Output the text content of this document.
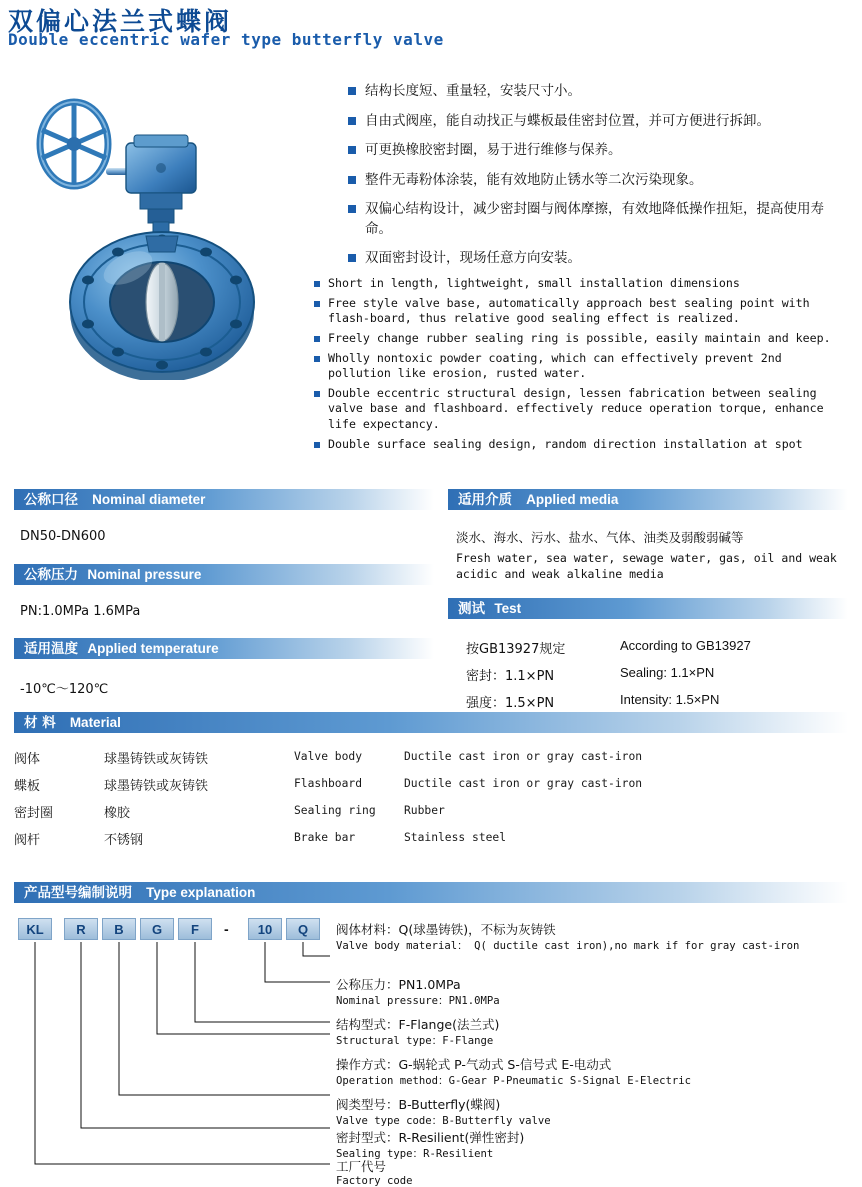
双偏心法兰式蝶阀
Double eccentric wafer type butterfly valve
结构长度短、重量轻，安装尺寸小。
自由式阀座，能自动找正与蝶板最佳密封位置，并可方便进行拆卸。
可更换橡胶密封圈，易于进行维修与保养。
整件无毒粉体涂装，能有效地防止锈水等二次污染现象。
双偏心结构设计，减少密封圈与阀体摩擦，有效地降低操作扭矩，提高使用寿命。
双面密封设计，现场任意方向安装。
Short in length, lightweight, small installation dimensions
Free style valve base, automatically approach best sealing point with flash-board, thus relative good sealing effect is realized.
Freely change rubber sealing ring is possible, easily maintain and keep.
Wholly nontoxic powder coating, which can effectively prevent 2nd pollution like erosion, rusted water.
Double eccentric structural design, lessen fabrication between sealing valve base and flashboard. effectively reduce operation torque, enhance life expectancy.
Double surface sealing design, random direction installation at spot
公称口径 Nominal diameter
DN50-DN600
公称压力 Nominal pressure
PN:1.0MPa 1.6MPa
适用温度 Applied temperature
-10℃～120℃
适用介质 Applied media
淡水、海水、污水、盐水、气体、油类及弱酸弱碱等
Fresh water, sea water, sewage water, gas, oil and weak acidic and weak alkaline media
测试 Test
按GB13927规定	According to GB13927
密封：1.1×PN	Sealing: 1.1×PN
强度：1.5×PN	Intensity: 1.5×PN
材 料 Material
阀体	球墨铸铁或灰铸铁	Valve body	Ductile cast iron or gray cast-iron
蝶板	球墨铸铁或灰铸铁	Flashboard	Ductile cast iron or gray cast-iron
密封圈	橡胶	Sealing ring	Rubber
阀杆	不锈钢	Brake bar	Stainless steel
产品型号编制说明 Type explanation
KL	R	B	G	F	-	10	Q	阀体材料：Q(球墨铸铁)，不标为灰铸铁
Valve body material： Q( ductile cast iron),no mark if for gray cast-iron
公称压力：PN1.0MPa
Nominal pressure：PN1.0MPa
结构型式：F-Flange(法兰式)
Structural type：F-Flange
操作方式：G-蜗轮式 P-气动式 S-信号式 E-电动式
Operation method：G-Gear P-Pneumatic S-Signal E-Electric
阀类型号：B-Butterfly(蝶阀)
Valve type code：B-Butterfly valve
密封型式：R-Resilient(弹性密封)
Sealing type：R-Resilient
工厂代号
Factory code
